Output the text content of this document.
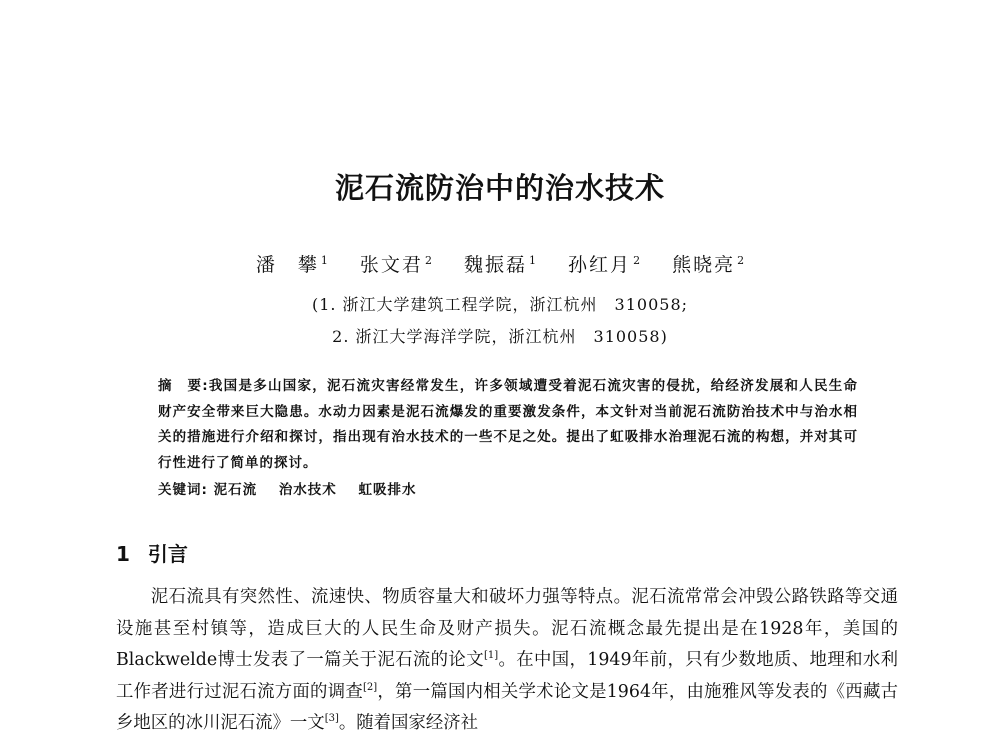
泥石流防治中的治水技术
潘　攀 $^1$ 张文君 $^2$ 魏振磊 $^1$ 孙红月 $^2$ 熊晓亮 $^2$
(1. 浙江大学建筑工程学院，浙江杭州　310058;
2. 浙江大学海洋学院，浙江杭州　310058)
摘　要:我国是多山国家，泥石流灾害经常发生，许多领域遭受着泥石流灾害的侵扰，给经济发展和人民生命财产安全带来巨大隐患。水动力因素是泥石流爆发的重要激发条件，本文针对当前泥石流防治技术中与治水相关的措施进行介绍和探讨，指出现有治水技术的一些不足之处。提出了虹吸排水治理泥石流的构想，并对其可行性进行了简单的探讨。
关键词: 泥石流 治水技术 虹吸排水
1 引言

泥石流具有突然性、流速快、物质容量大和破坏力强等特点。泥石流常常会冲毁公路铁路等交通设施甚至村镇等，造成巨大的人民生命及财产损失。泥石流概念最先提出是在1928年，美国的Blackwelde博士发表了一篇关于泥石流的论文[1]。在中国，1949年前，只有少数地质、地理和水利工作者进行过泥石流方面的调查[2]，第一篇国内相关学术论文是1964年，由施雅风等发表的《西藏古乡地区的冰川泥石流》一文[3]。随着国家经济社
